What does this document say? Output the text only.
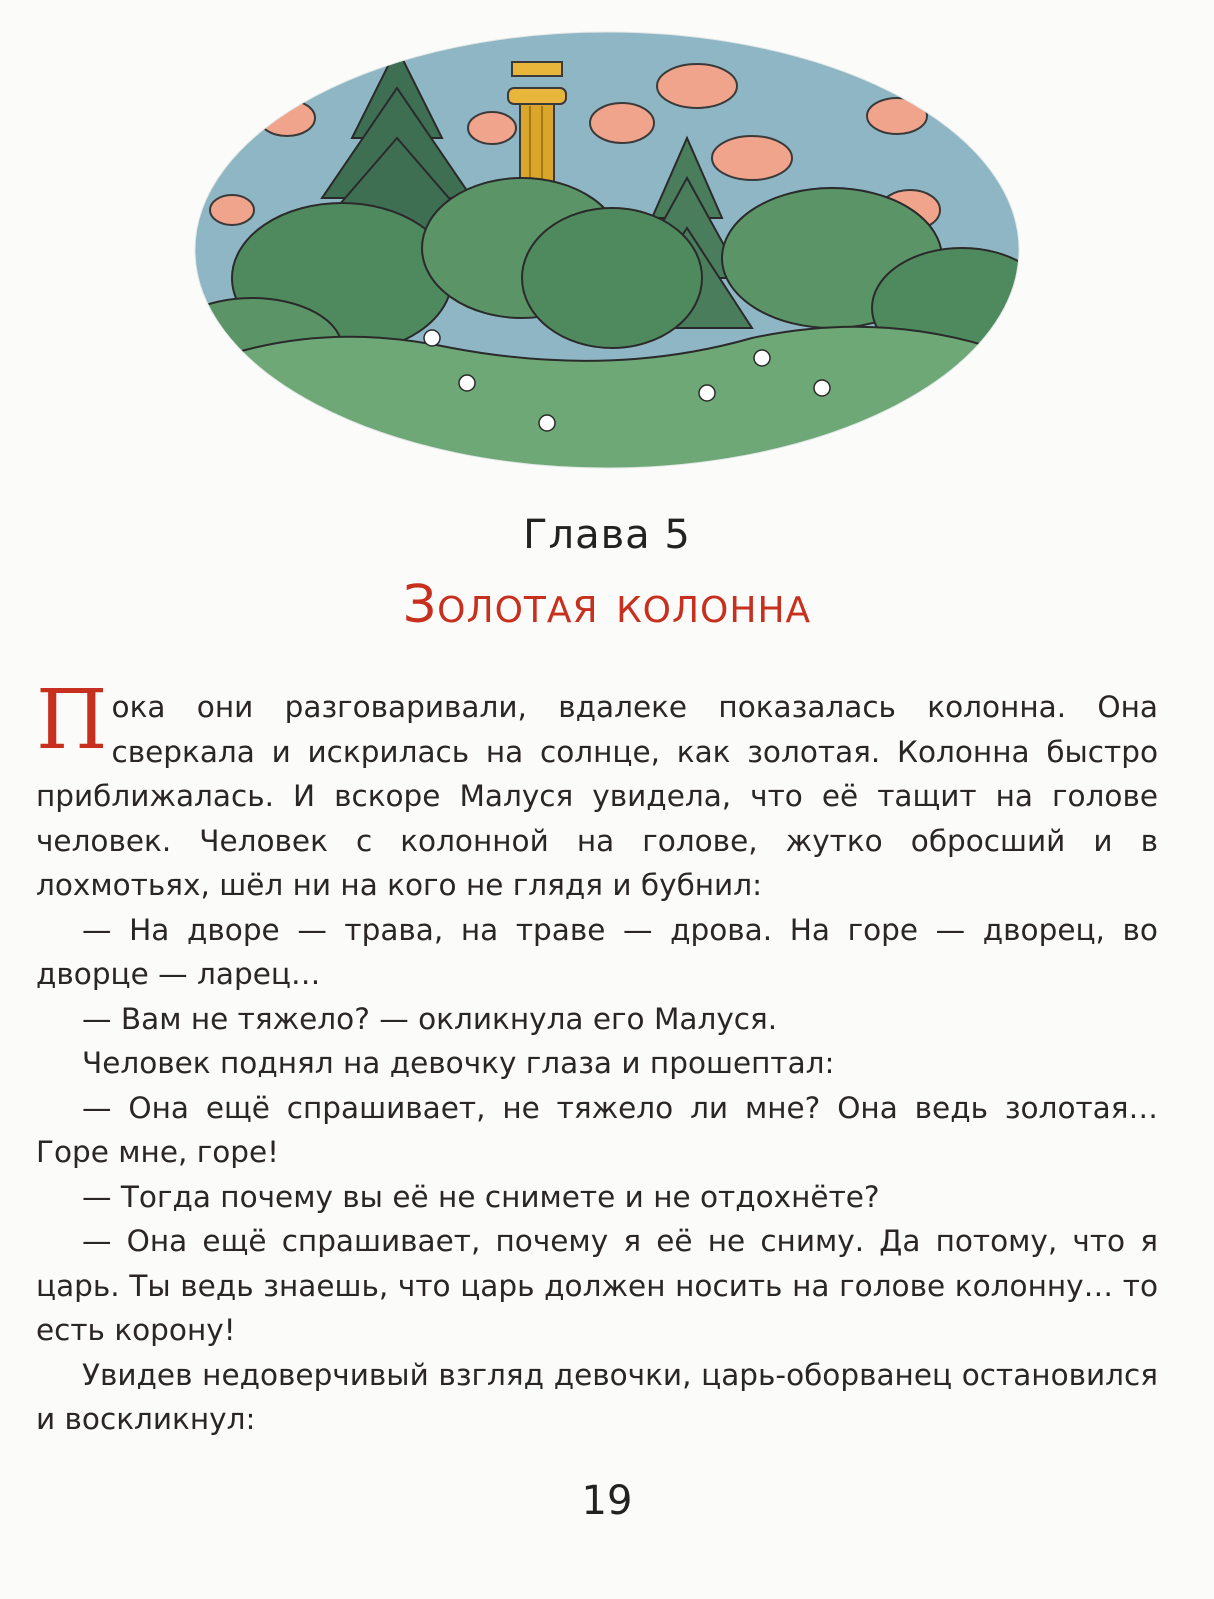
Глава 5
Золотая колонна

Пока они разговаривали, вдалеке показалась колонна. Она сверкала и искрилась на солнце, как золотая. Колонна быстро приближалась. И вскоре Малуся увидела, что её тащит на голове человек. Человек с колонной на голове, жутко обросший и в лохмотьях, шёл ни на кого не глядя и бубнил:

— На дворе — трава, на траве — дрова. На горе — дворец, во дворце — ларец…

— Вам не тяжело? — окликнула его Малуся.

Человек поднял на девочку глаза и прошептал:

— Она ещё спрашивает, не тяжело ли мне? Она ведь золотая… Горе мне, горе!

— Тогда почему вы её не снимете и не отдохнёте?

— Она ещё спрашивает, почему я её не сниму. Да потому, что я царь. Ты ведь знаешь, что царь должен носить на голове колонну… то есть корону!

Увидев недоверчивый взгляд девочки, царь-оборванец остановился и воскликнул:

19
